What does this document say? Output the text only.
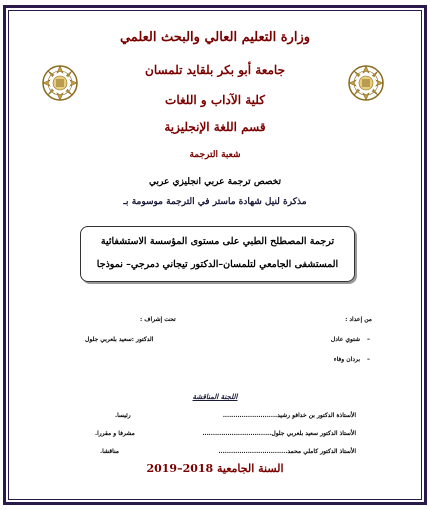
وزارة التعليم العالي والبحث العلمي
جامعة أبو بكر بلقايد تلمسان
كلية الآداب و اللغات
قسم اللغة الإنجليزية
شعبة الترجمة
تخصص ترجمة عربي انجليزي عربي
مذكرة لنيل شهادة ماستر في الترجمة موسومة بـ
ترجمة المصطلح الطبي على مستوى المؤسسة الاستشفائية
المستشفى الجامعي لتلمسان–الدكتور تيجاني دمرجي– نموذجا
من إعداد :
تحت إشراف :
–
شتوي عادل
–
بردان وفاء
الدكتور :سعيد بلعربي جلول
اللجنة المناقشة
الأستاذة الدكتور بن خدافو رشيد..........................
رئيسا.
الأستاذ الدكتور سعيد بلعربي جلول.................................
مشرفا و مقررا.
الأستاذ الدكتور كاملي محمد.................................
مناقشا.
السنة الجامعية 2018–2019
